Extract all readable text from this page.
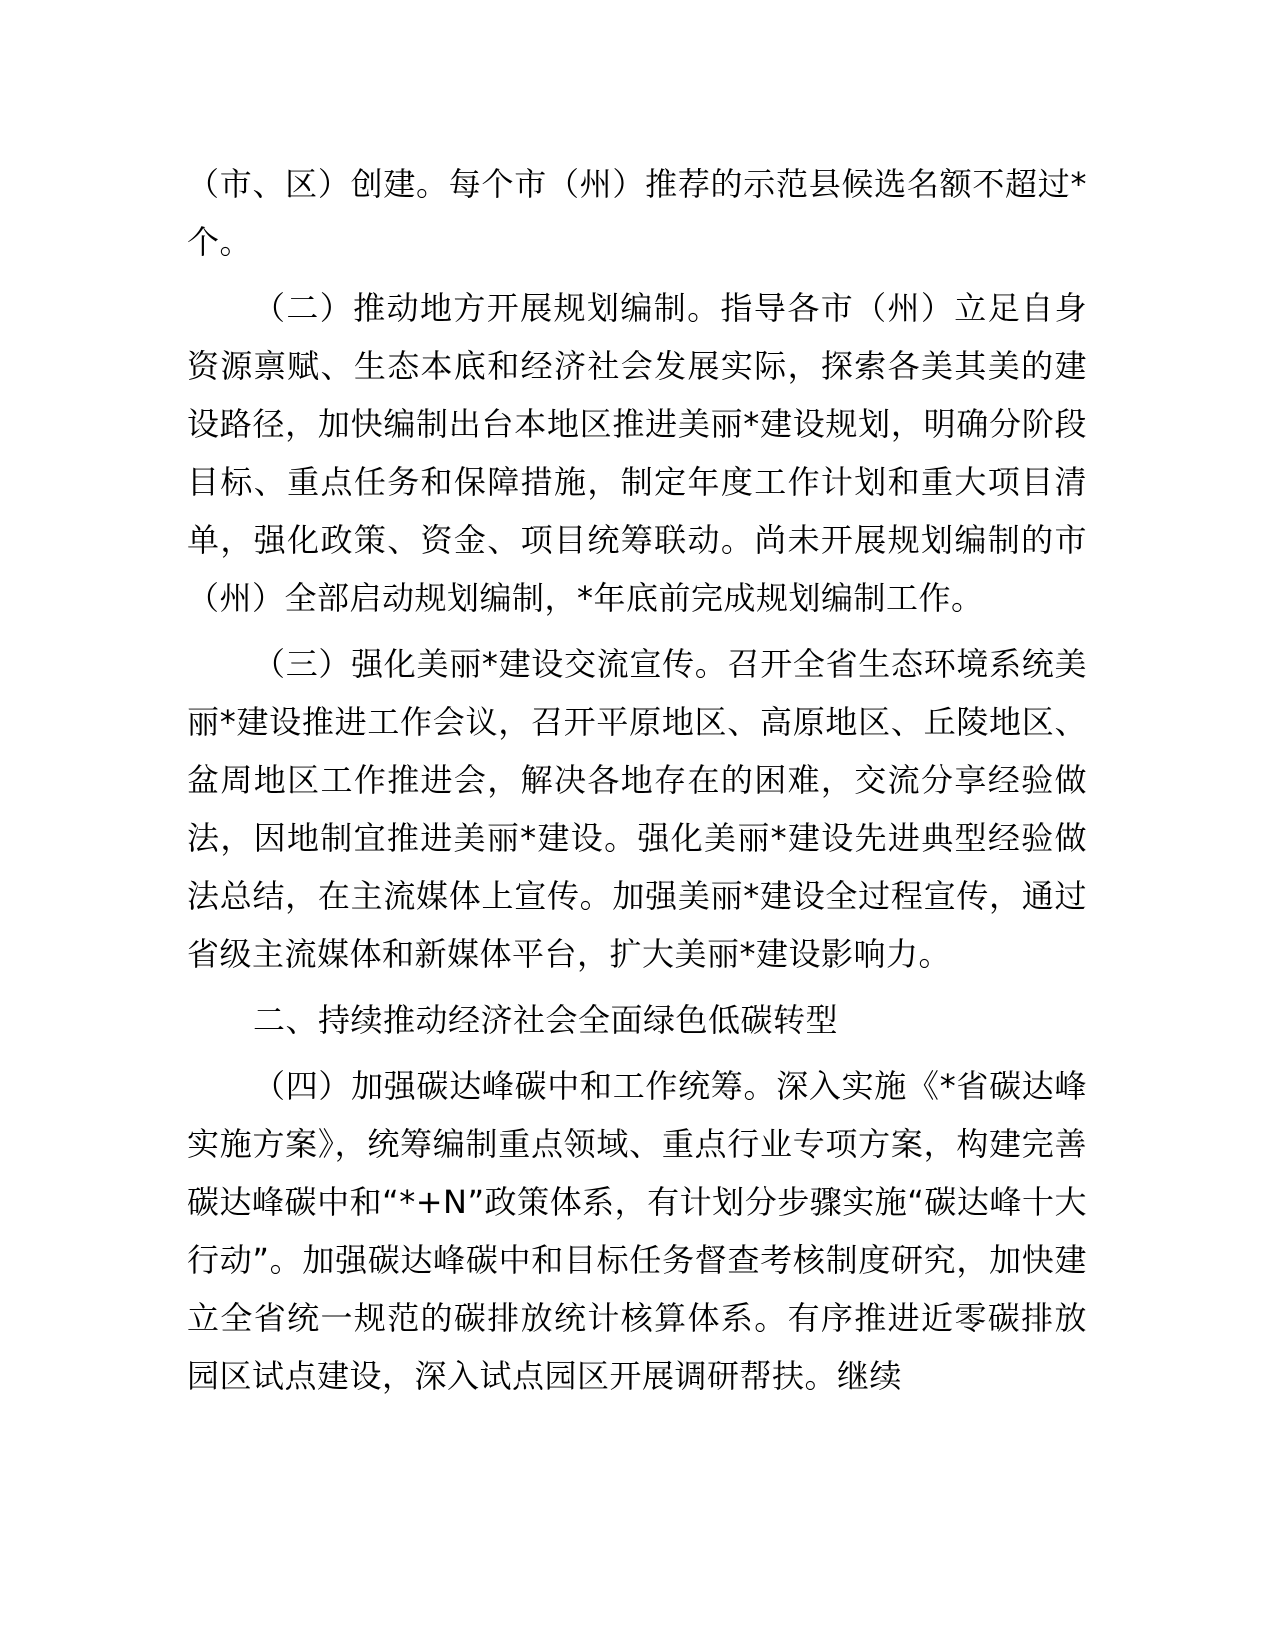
（市、区）创建。每个市（州）推荐的示范县候选名额不超过*个。

（二）推动地方开展规划编制。指导各市（州）立足自身资源禀赋、生态本底和经济社会发展实际，探索各美其美的建设路径，加快编制出台本地区推进美丽*建设规划，明确分阶段目标、重点任务和保障措施，制定年度工作计划和重大项目清单，强化政策、资金、项目统筹联动。尚未开展规划编制的市（州）全部启动规划编制，*年底前完成规划编制工作。

（三）强化美丽*建设交流宣传。召开全省生态环境系统美丽*建设推进工作会议，召开平原地区、高原地区、丘陵地区、盆周地区工作推进会，解决各地存在的困难，交流分享经验做法，因地制宜推进美丽*建设。强化美丽*建设先进典型经验做法总结，在主流媒体上宣传。加强美丽*建设全过程宣传，通过省级主流媒体和新媒体平台，扩大美丽*建设影响力。

二、持续推动经济社会全面绿色低碳转型

（四）加强碳达峰碳中和工作统筹。深入实施《*省碳达峰实施方案》，统筹编制重点领域、重点行业专项方案，构建完善碳达峰碳中和“*+N”政策体系，有计划分步骤实施“碳达峰十大行动”。加强碳达峰碳中和目标任务督查考核制度研究，加快建立全省统一规范的碳排放统计核算体系。有序推进近零碳排放园区试点建设，深入试点园区开展调研帮扶。继续
